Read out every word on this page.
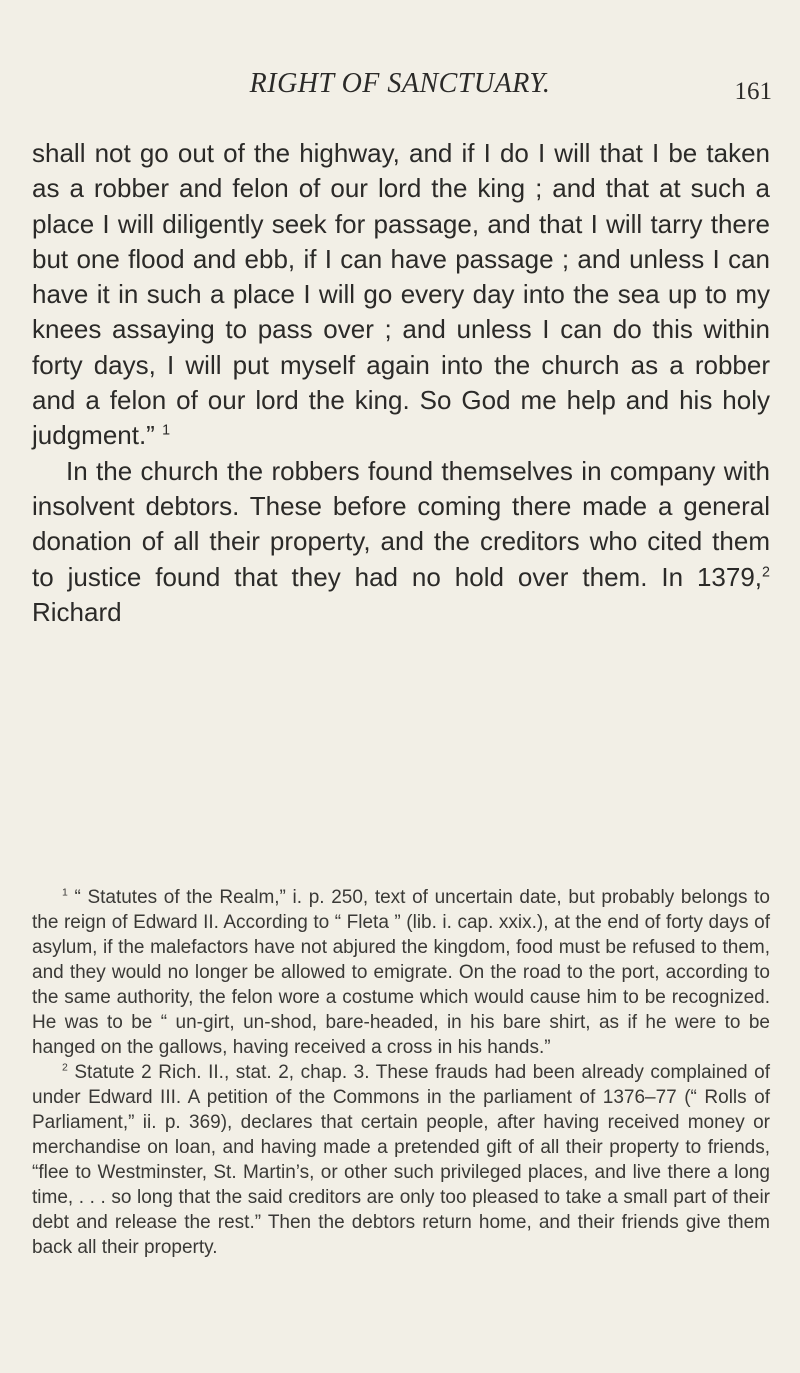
RIGHT OF SANCTUARY.	161

shall not go out of the highway, and if I do I will that I be taken as a robber and felon of our lord the king ; and that at such a place I will diligently seek for passage, and that I will tarry there but one flood and ebb, if I can have passage ; and unless I can have it in such a place I will go every day into the sea up to my knees assaying to pass over ; and unless I can do this within forty days, I will put myself again into the church as a robber and a felon of our lord the king. So God me help and his holy judgment.” $^1$

In the church the robbers found themselves in company with insolvent debtors. These before coming there made a general donation of all their property, and the creditors who cited them to justice found that they had no hold over them. In 1379,$^2$ Richard

$^1$ “ Statutes of the Realm,” i. p. 250, text of uncertain date, but probably belongs to the reign of Edward II. According to “ Fleta ” (lib. i. cap. xxix.), at the end of forty days of asylum, if the malefactors have not abjured the kingdom, food must be refused to them, and they would no longer be allowed to emigrate. On the road to the port, according to the same authority, the felon wore a costume which would cause him to be recognized. He was to be “ un-girt, un-shod, bare-headed, in his bare shirt, as if he were to be hanged on the gallows, having received a cross in his hands.”

$^2$ Statute 2 Rich. II., stat. 2, chap. 3. These frauds had been already complained of under Edward III. A petition of the Commons in the parliament of 1376–77 (“ Rolls of Parliament,” ii. p. 369), declares that certain people, after having received money or merchandise on loan, and having made a pretended gift of all their property to friends, “flee to Westminster, St. Martin’s, or other such privileged places, and live there a long time, . . . so long that the said creditors are only too pleased to take a small part of their debt and release the rest.” Then the debtors return home, and their friends give them back all their property.
